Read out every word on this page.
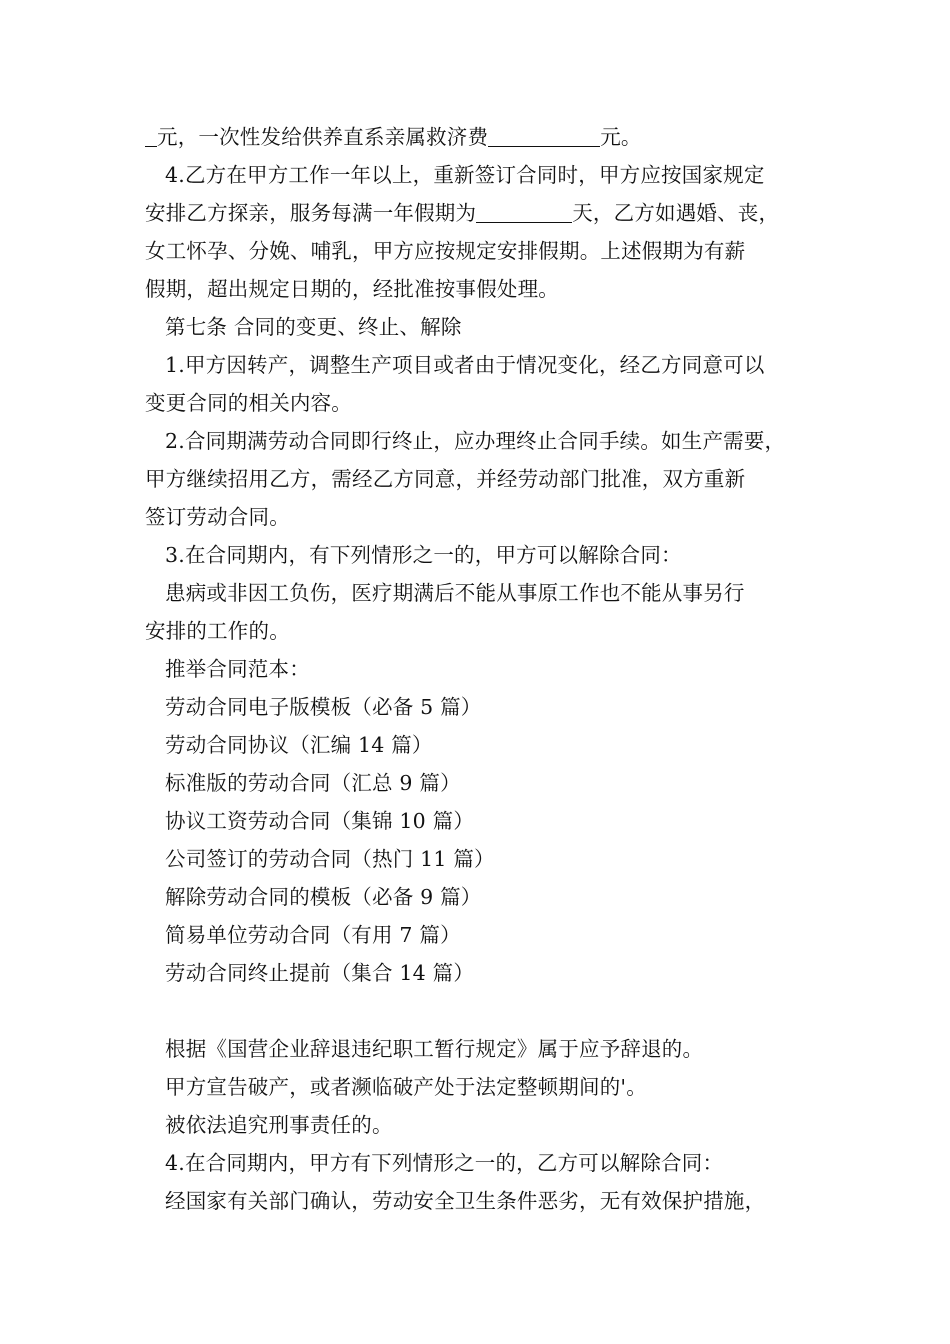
元，一次性发给供养直系亲属救济费	元。
4.乙方在甲方工作一年以上，重新签订合同时，甲方应按国家规定
安排乙方探亲，服务每满一年假期为	天，乙方如遇婚、丧，
女工怀孕、分娩、哺乳，甲方应按规定安排假期。上述假期为有薪
假期，超出规定日期的，经批准按事假处理。
第七条 合同的变更、终止、解除
1.甲方因转产，调整生产项目或者由于情况变化，经乙方同意可以
变更合同的相关内容。
2.合同期满劳动合同即行终止，应办理终止合同手续。如生产需要，
甲方继续招用乙方，需经乙方同意，并经劳动部门批准，双方重新
签订劳动合同。
3.在合同期内，有下列情形之一的，甲方可以解除合同：
患病或非因工负伤，医疗期满后不能从事原工作也不能从事另行
安排的工作的。
推举合同范本：
劳动合同电子版模板（必备 5 篇）
劳动合同协议（汇编 14 篇）
标准版的劳动合同（汇总 9 篇）
协议工资劳动合同（集锦 10 篇）
公司签订的劳动合同（热门 11 篇）
解除劳动合同的模板（必备 9 篇）
简易单位劳动合同（有用 7 篇）
劳动合同终止提前（集合 14 篇）
根据《国营企业辞退违纪职工暂行规定》属于应予辞退的。
甲方宣告破产，或者濒临破产处于法定整顿期间的'。
被依法追究刑事责任的。
4.在合同期内，甲方有下列情形之一的，乙方可以解除合同：
经国家有关部门确认，劳动安全卫生条件恶劣，无有效保护措施，
